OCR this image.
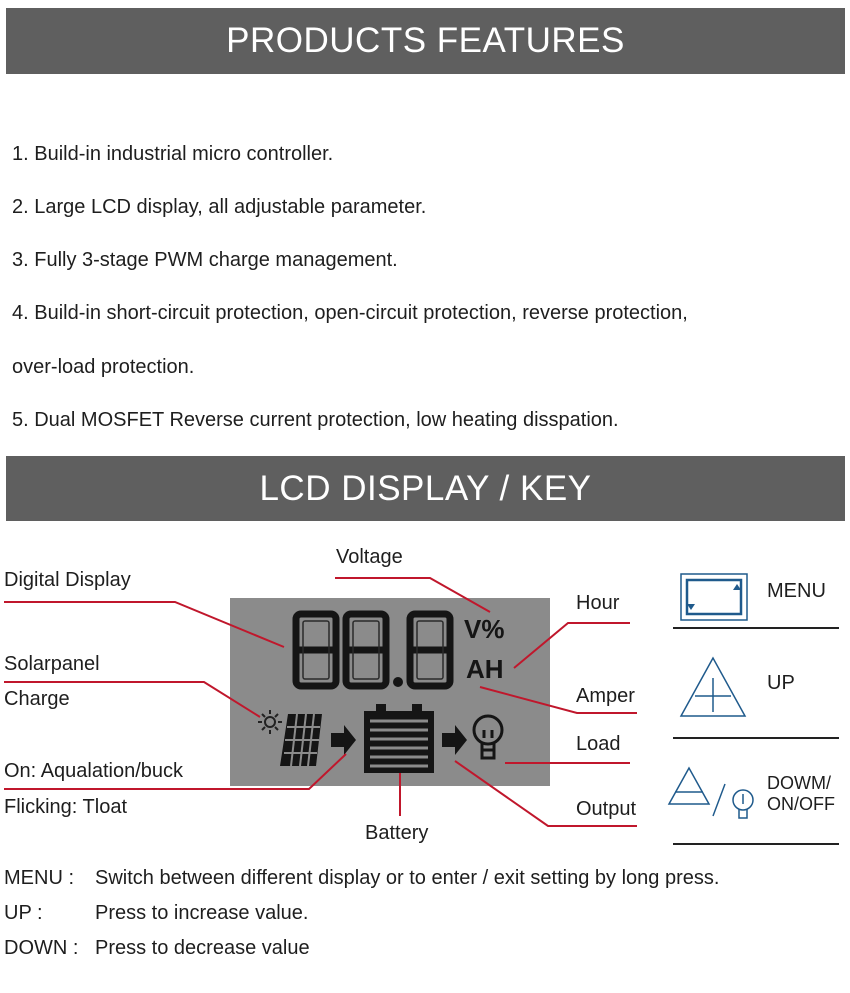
PRODUCTS FEATURES
1. Build-in industrial micro controller.
2. Large LCD display, all adjustable parameter.
3. Fully 3-stage PWM charge management.
4. Build-in short-circuit protection, open-circuit protection, reverse protection,
over-load protection.
5. Dual MOSFET Reverse current protection, low heating disspation.
LCD DISPLAY / KEY
V%
AH
Voltage
Digital Display
Hour
Solarpanel
Charge	Amper
Load
On: Aqualation/buck
Flicking: Tloat	Output
Battery
MENU
UP
DOWM/
ON/OFF
MENU : Switch between different display or to enter / exit setting by long press.
UP :	Press to increase value.
DOWN : Press to decrease value
